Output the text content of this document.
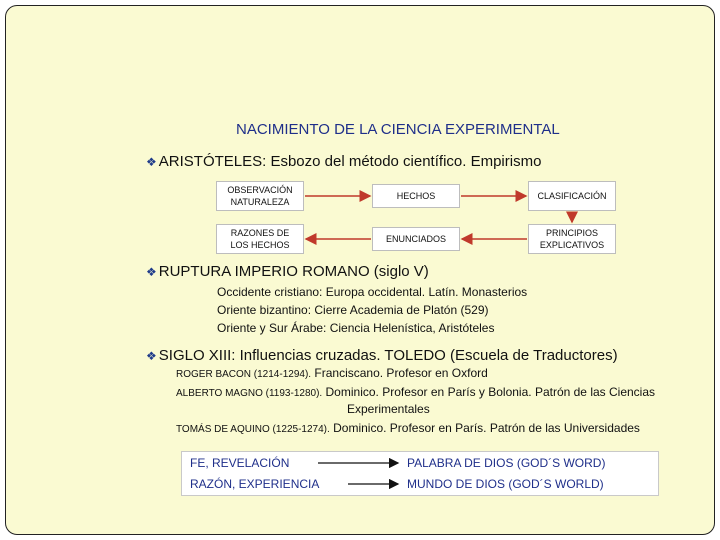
NACIMIENTO DE LA CIENCIA EXPERIMENTAL
❖ ARISTÓTELES: Esbozo del método científico. Empirismo
OBSERVACIÓN
NATURALEZA
HECHOS	CLASIFICACIÓN
RAZONES DE
LOS HECHOS
ENUNCIADOS
PRINCIPIOS
EXPLICATIVOS
❖ RUPTURA IMPERIO ROMANO (siglo V)
Occidente cristiano: Europa occidental. Latín. Monasterios
Oriente bizantino: Cierre Academia de Platón (529)
Oriente y Sur Árabe: Ciencia Helenística, Aristóteles
❖ SIGLO XIII: Influencias cruzadas. TOLEDO (Escuela de Traductores)
ROGER BACON (1214-1294). Franciscano. Profesor en Oxford
ALBERTO MAGNO (1193-1280). Dominico. Profesor en París y Bolonia. Patrón de las Ciencias
Experimentales
TOMÁS DE AQUINO (1225-1274). Dominico. Profesor en París. Patrón de las Universidades
FE, REVELACIÓN
RAZÓN, EXPERIENCIA
PALABRA DE DIOS (GOD´S WORD)
MUNDO DE DIOS (GOD´S WORLD)
